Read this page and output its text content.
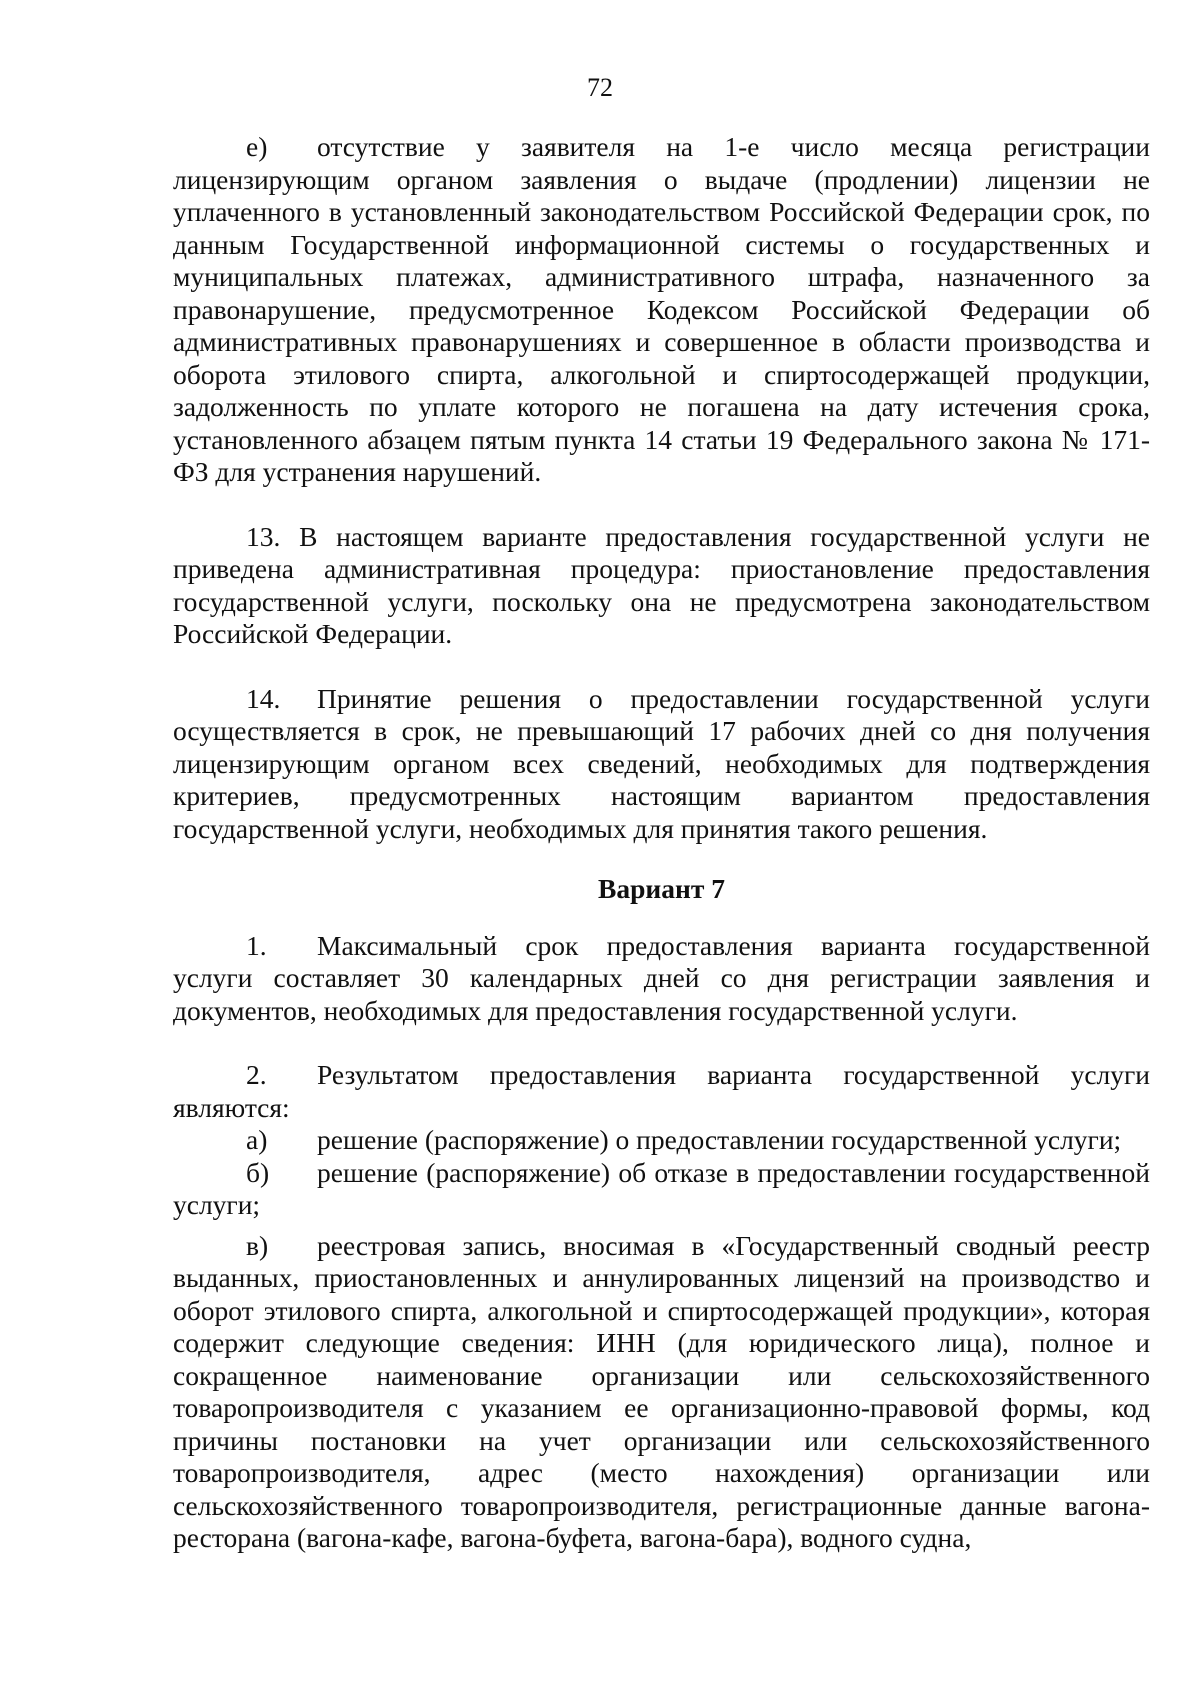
72

е) отсутствие у заявителя на 1-е число месяца регистрации лицензирующим органом заявления о выдаче (продлении) лицензии не уплаченного в установленный законодательством Российской Федерации срок, по данным Государственной информационной системы о государственных и муниципальных платежах, административного штрафа, назначенного за правонарушение, предусмотренное Кодексом Российской Федерации об административных правонарушениях и совершенное в области производства и оборота этилового спирта, алкогольной и спиртосодержащей продукции, задолженность по уплате которого не погашена на дату истечения срока, установленного абзацем пятым пункта 14 статьи 19 Федерального закона № 171-ФЗ для устранения нарушений.

13. В настоящем варианте предоставления государственной услуги не приведена административная процедура: приостановление предоставления государственной услуги, поскольку она не предусмотрена законодательством Российской Федерации.

14. Принятие решения о предоставлении государственной услуги осуществляется в срок, не превышающий 17 рабочих дней со дня получения лицензирующим органом всех сведений, необходимых для подтверждения критериев, предусмотренных настоящим вариантом предоставления государственной услуги, необходимых для принятия такого решения.

Вариант 7

1. Максимальный срок предоставления варианта государственной услуги составляет 30 календарных дней со дня регистрации заявления и документов, необходимых для предоставления государственной услуги.

2. Результатом предоставления варианта государственной услуги являются:

а) решение (распоряжение) о предоставлении государственной услуги;

б) решение (распоряжение) об отказе в предоставлении государственной услуги;

в) реестровая запись, вносимая в «Государственный сводный реестр выданных, приостановленных и аннулированных лицензий на производство и оборот этилового спирта, алкогольной и спиртосодержащей продукции», которая содержит следующие сведения: ИНН (для юридического лица), полное и сокращенное наименование организации или сельскохозяйственного товаропроизводителя с указанием ее организационно-правовой формы, код причины постановки на учет организации или сельскохозяйственного товаропроизводителя, адрес (место нахождения) организации или сельскохозяйственного товаропроизводителя, регистрационные данные вагона-ресторана (вагона-кафе, вагона-буфета, вагона-бара), водного судна,
